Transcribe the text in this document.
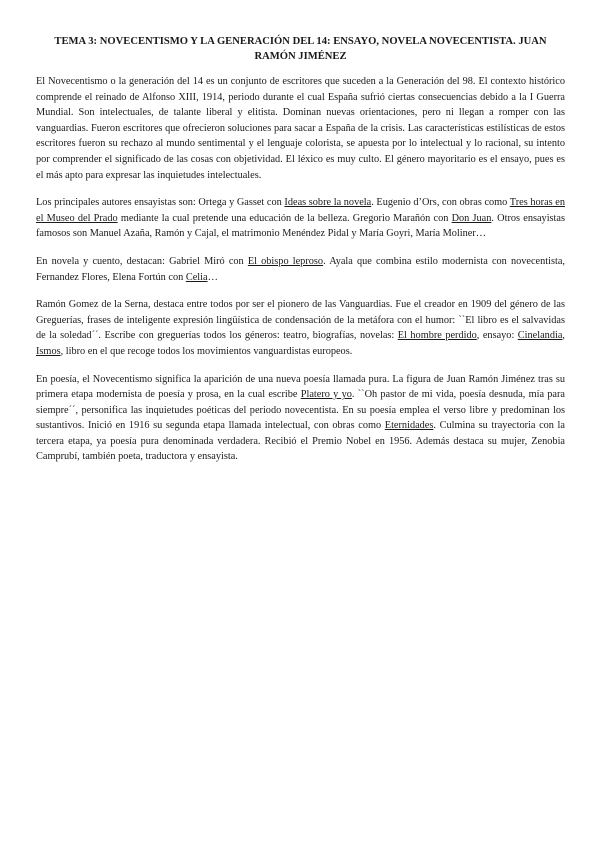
TEMA 3: NOVECENTISMO Y LA GENERACIÓN DEL 14: ENSAYO, NOVELA NOVECENTISTA. JUAN RAMÓN JIMÉNEZ

El Novecentismo o la generación del 14 es un conjunto de escritores que suceden a la Generación del 98. El contexto histórico comprende el reinado de Alfonso XIII, 1914, periodo durante el cual España sufrió ciertas consecuencias debido a la I Guerra Mundial. Son intelectuales, de talante liberal y elitista. Dominan nuevas orientaciones, pero ni llegan a romper con las vanguardias. Fueron escritores que ofrecieron soluciones para sacar a España de la crisis. Las características estilísticas de estos escritores fueron su rechazo al mundo sentimental y el lenguaje colorista, se apuesta por lo intelectual y lo racional, su intento por comprender el significado de las cosas con objetividad. El léxico es muy culto. El género mayoritario es el ensayo, pues es el más apto para expresar las inquietudes intelectuales.

Los principales autores ensayistas son: Ortega y Gasset con Ideas sobre la novela. Eugenio d’Ors, con obras como Tres horas en el Museo del Prado mediante la cual pretende una educación de la belleza. Gregorio Marañón con Don Juan. Otros ensayistas famosos son Manuel Azaña, Ramón y Cajal, el matrimonio Menéndez Pidal y María Goyri, María Moliner…

En novela y cuento, destacan: Gabriel Miró con El obispo leproso. Ayala que combina estilo modernista con novecentista, Fernandez Flores, Elena Fortún con Celia…

Ramón Gomez de la Serna, destaca entre todos por ser el pionero de las Vanguardias. Fue el creador en 1909 del género de las Greguerías, frases de inteligente expresión lingüística de condensación de la metáfora con el humor: ``El libro es el salvavidas de la soledad´´. Escribe con greguerías todos los géneros: teatro, biografías, novelas: El hombre perdido, ensayo: Cinelandia, Ismos, libro en el que recoge todos los movimientos vanguardistas europeos.

En poesía, el Novecentismo significa la aparición de una nueva poesía llamada pura. La figura de Juan Ramón Jiménez tras su primera etapa modernista de poesía y prosa, en la cual escribe Platero y yo. ``Oh pastor de mi vida, poesía desnuda, mía para siempre´´, personifica las inquietudes poéticas del periodo novecentista. En su poesía emplea el verso libre y predominan los sustantivos. Inició en 1916 su segunda etapa llamada intelectual, con obras como Eternidades. Culmina su trayectoria con la tercera etapa, ya poesía pura denominada verdadera. Recibió el Premio Nobel en 1956. Además destaca su mujer, Zenobia Camprubí, también poeta, traductora y ensayista.
